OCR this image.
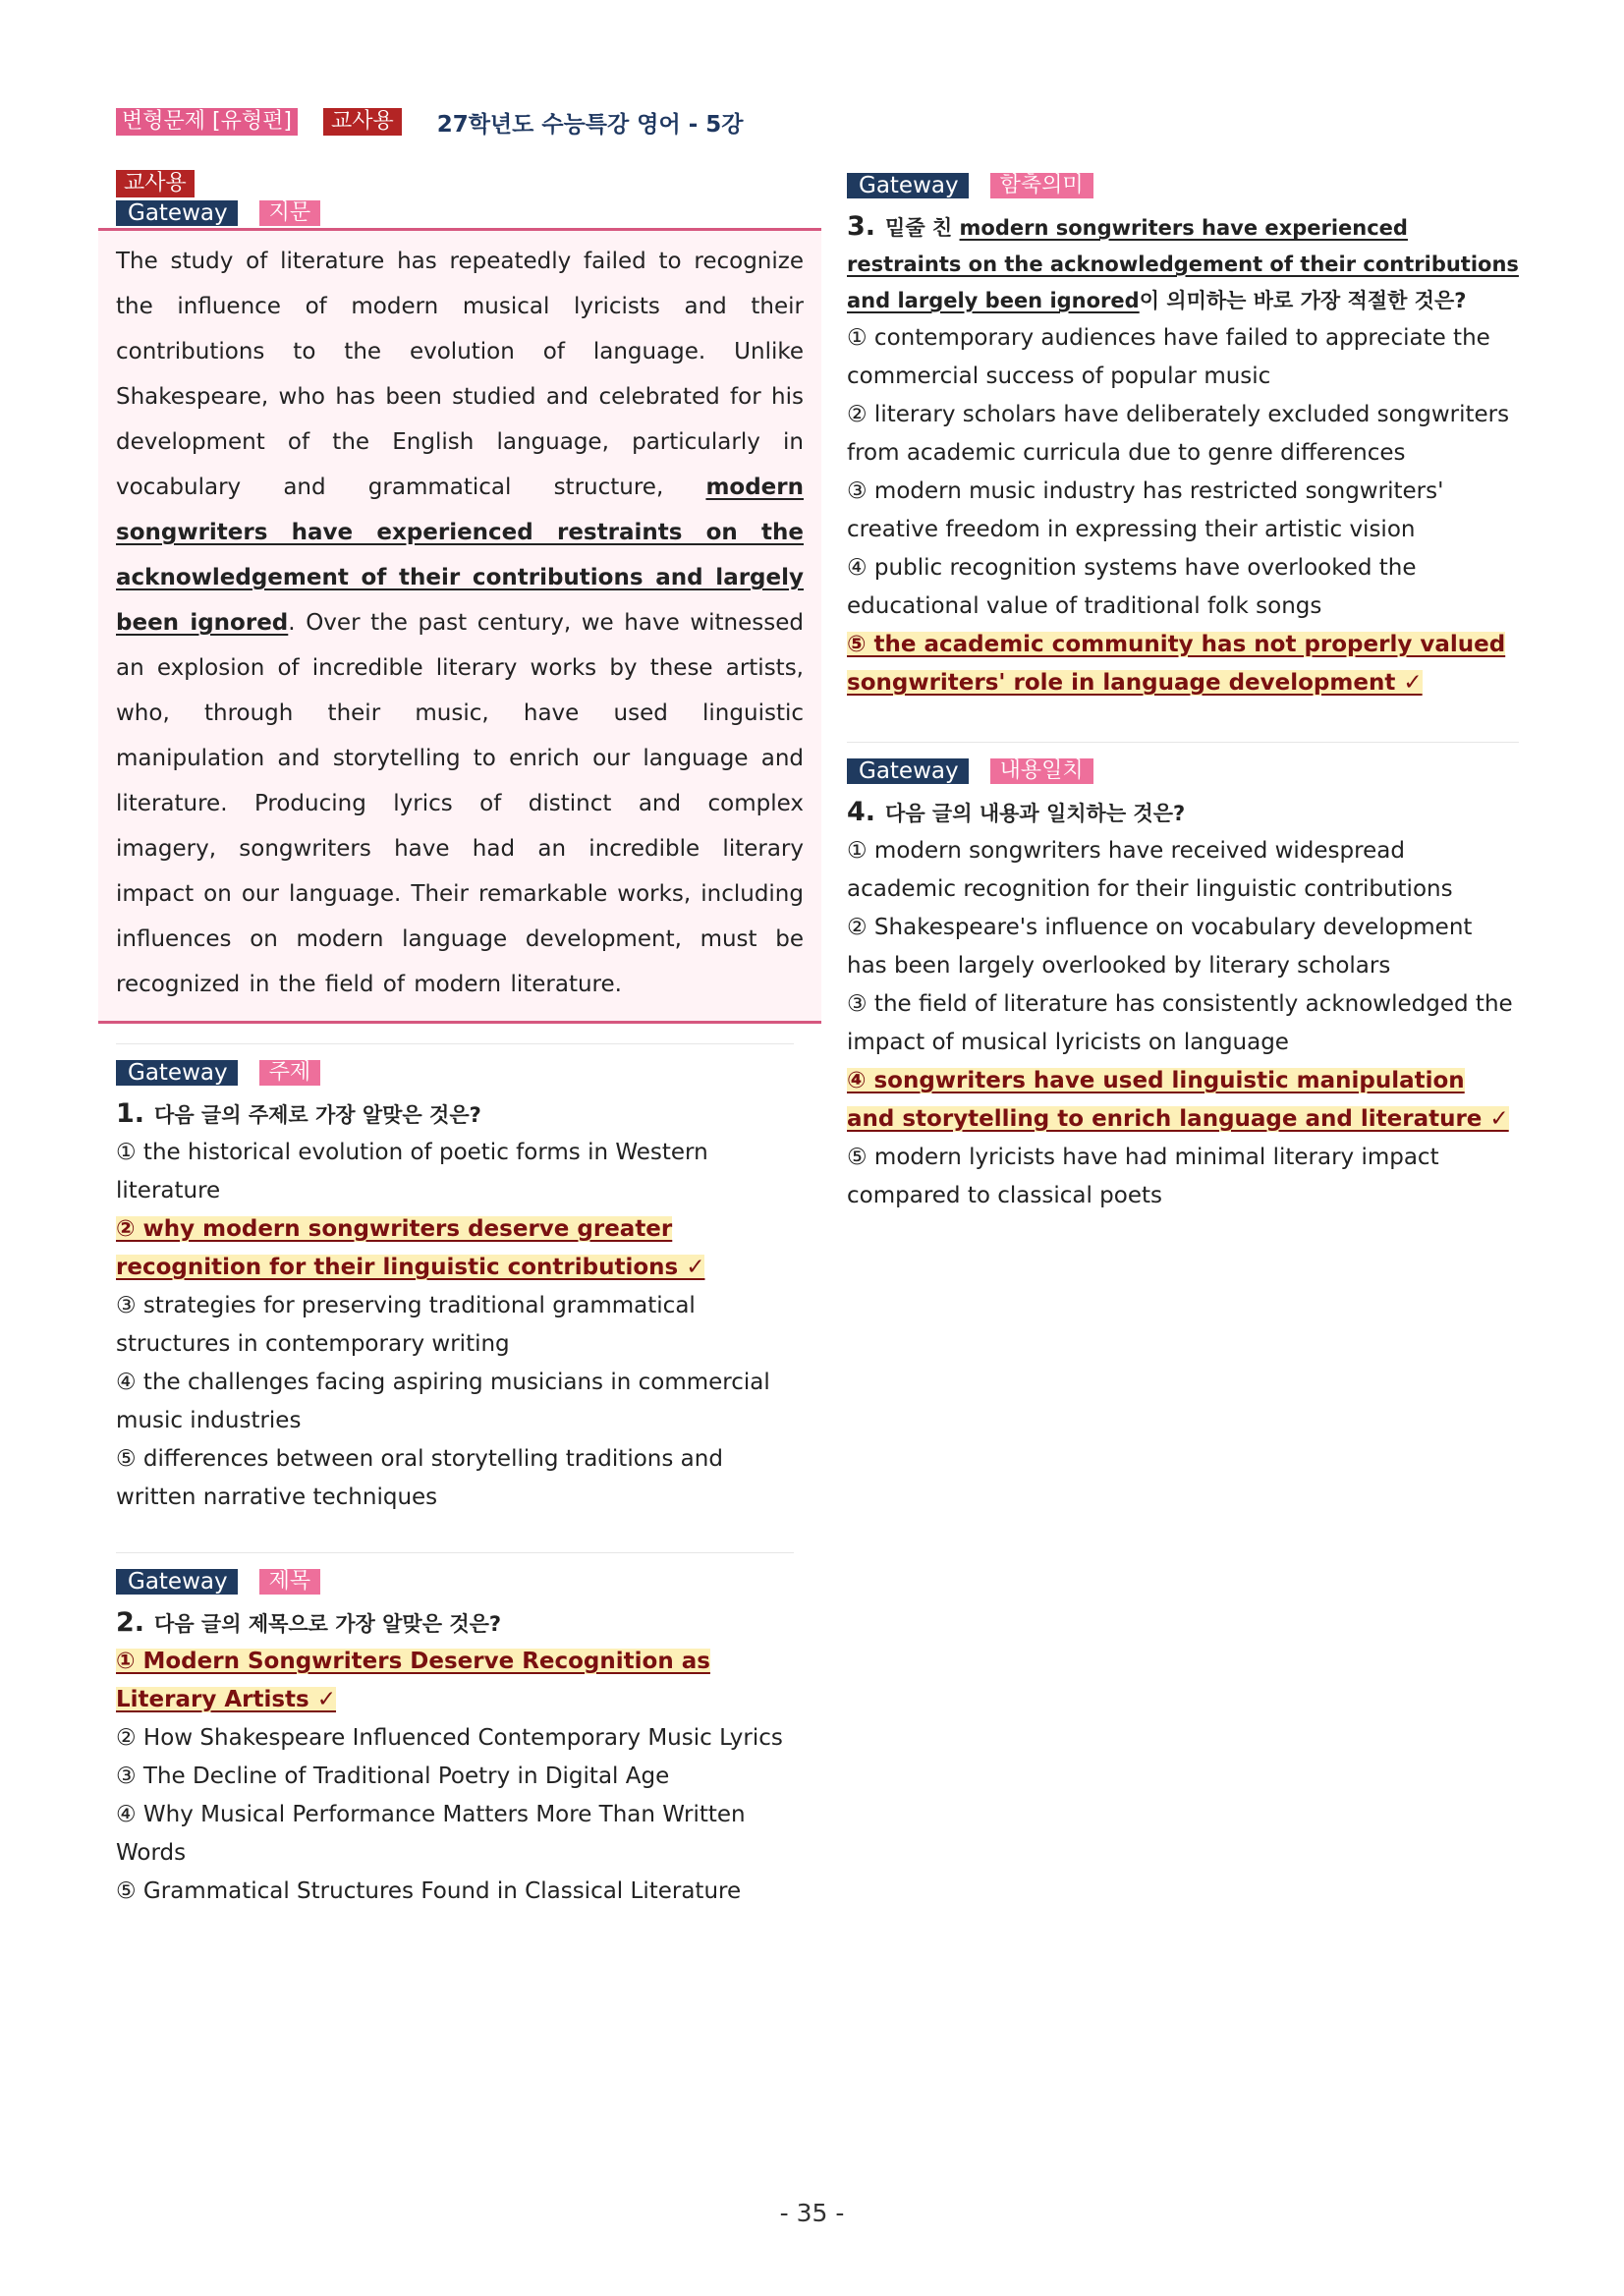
변형문제 [유형편]	교사용	27학년도 수능특강 영어 - 5강
교사용
Gateway	지문
The study of literature has repeatedly failed to recognize the influence of modern musical lyricists and their contributions to the evolution of language. Unlike Shakespeare, who has been studied and celebrated for his development of the English language, particularly in vocabulary and grammatical structure, modern songwriters have experienced restraints on the acknowledgement of their contributions and largely been ignored. Over the past century, we have witnessed an explosion of incredible literary works by these artists, who, through their music, have used linguistic manipulation and storytelling to enrich our language and literature. Producing lyrics of distinct and complex imagery, songwriters have had an incredible literary impact on our language. Their remarkable works, including influences on modern language development, must be recognized in the field of modern literature.
Gateway	주제
1. 다음 글의 주제로 가장 알맞은 것은?
① the historical evolution of poetic forms in Western literature
② why modern songwriters deserve greater recognition for their linguistic contributions ✓
③ strategies for preserving traditional grammatical structures in contemporary writing
④ the challenges facing aspiring musicians in commercial music industries
⑤ differences between oral storytelling traditions and written narrative techniques
Gateway	제목
2. 다음 글의 제목으로 가장 알맞은 것은?
① Modern Songwriters Deserve Recognition as Literary Artists ✓
② How Shakespeare Influenced Contemporary Music Lyrics
③ The Decline of Traditional Poetry in Digital Age
④ Why Musical Performance Matters More Than Written Words
⑤ Grammatical Structures Found in Classical Literature
Gateway	함축의미
3. 밑줄 친 modern songwriters have experienced restraints on the acknowledgement of their contributions and largely been ignored이 의미하는 바로 가장 적절한 것은?
① contemporary audiences have failed to appreciate the commercial success of popular music
② literary scholars have deliberately excluded songwriters from academic curricula due to genre differences
③ modern music industry has restricted songwriters' creative freedom in expressing their artistic vision
④ public recognition systems have overlooked the educational value of traditional folk songs
⑤ the academic community has not properly valued songwriters' role in language development ✓
Gateway	내용일치
4. 다음 글의 내용과 일치하는 것은?
① modern songwriters have received widespread academic recognition for their linguistic contributions
② Shakespeare's influence on vocabulary development has been largely overlooked by literary scholars
③ the field of literature has consistently acknowledged the impact of musical lyricists on language
④ songwriters have used linguistic manipulation and storytelling to enrich language and literature ✓
⑤ modern lyricists have had minimal literary impact compared to classical poets
- 35 -
